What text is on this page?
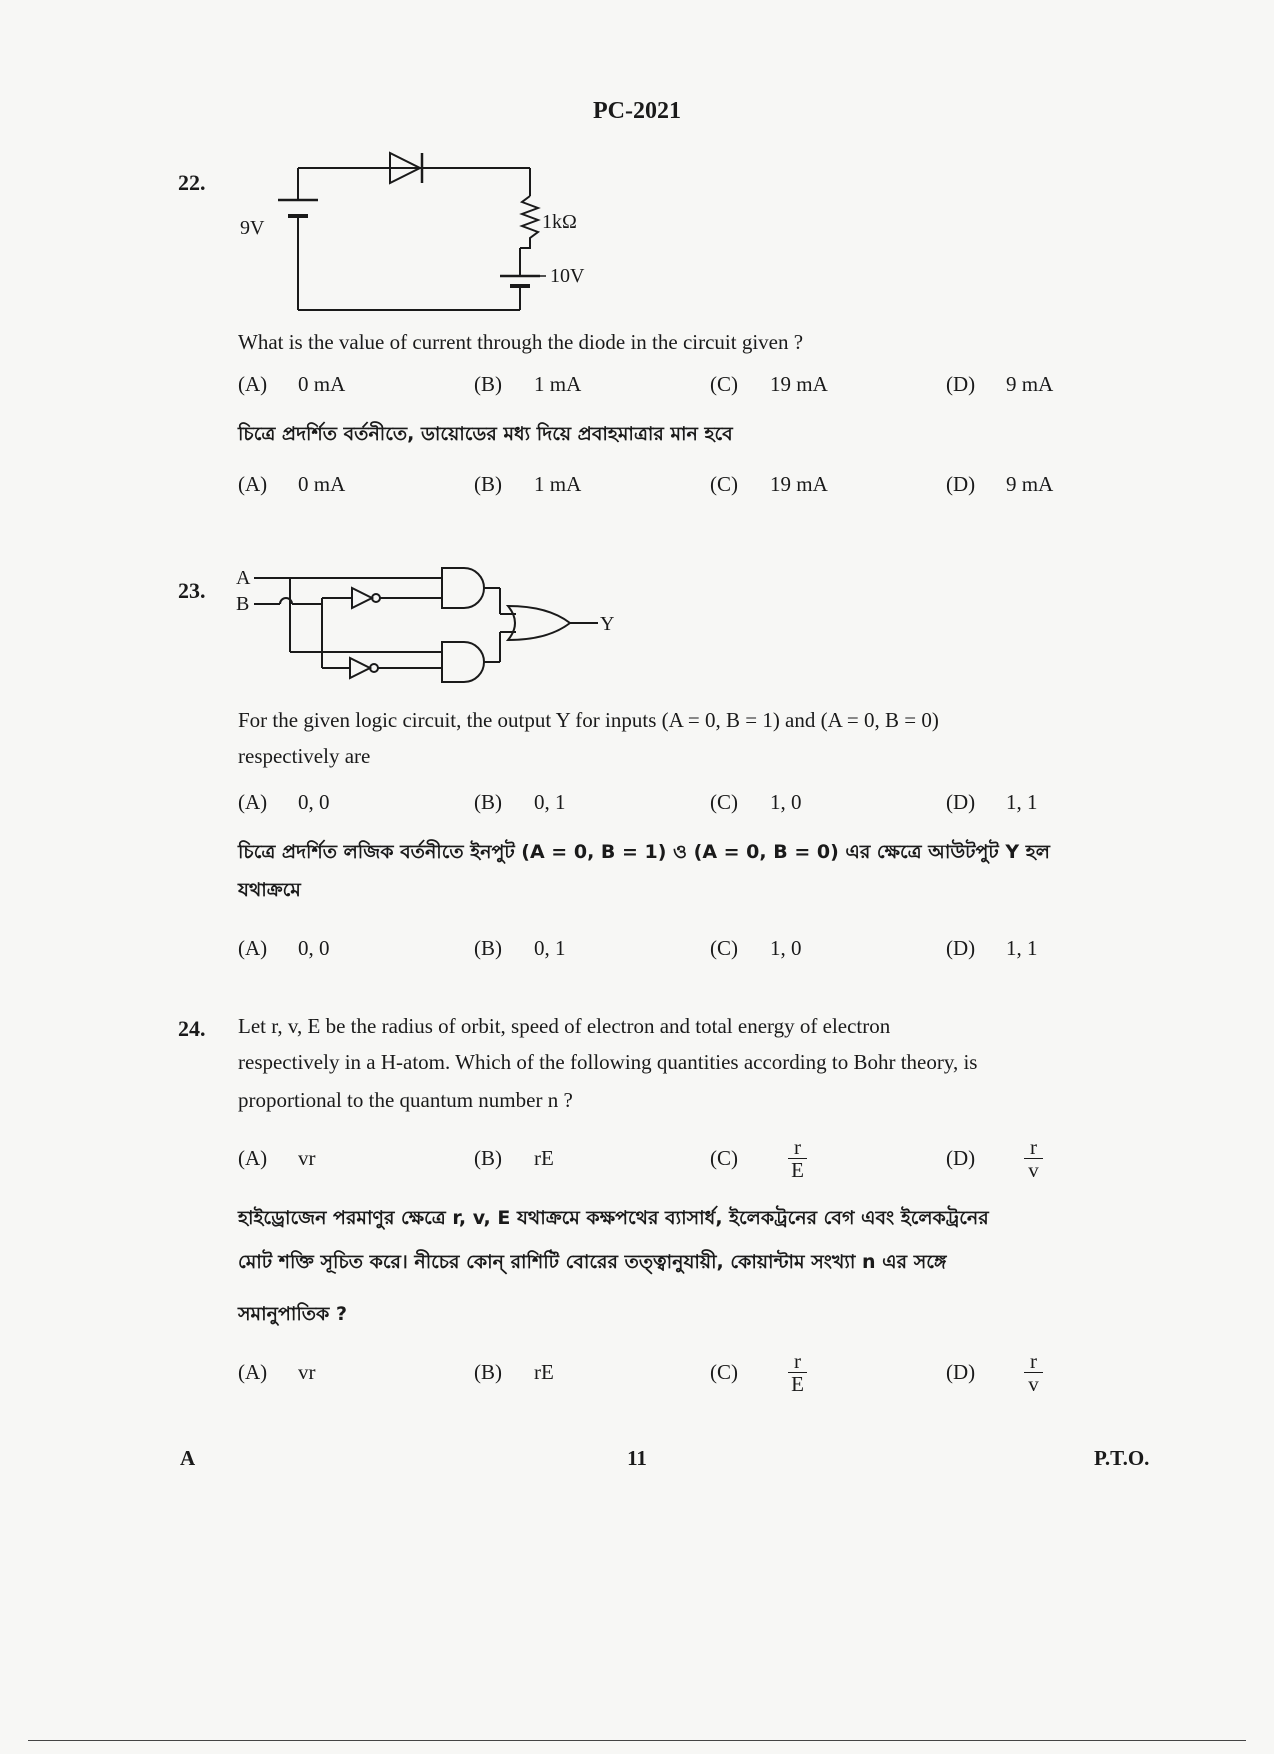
PC-2021
22.
9V	1kΩ
10V
What is the value of current through the diode in the circuit given ?
(A)	0 mA	(B)	1 mA	(C)	19 mA	(D)	9 mA
চিত্রে প্রদর্শিত বর্তনীতে, ডায়োডের মধ্য দিয়ে প্রবাহমাত্রার মান হবে
(A)	0 mA	(B)	1 mA	(C)	19 mA	(D)	9 mA
23. A
B
Y
For the given logic circuit, the output Y for inputs (A = 0, B = 1) and (A = 0, B = 0)
respectively are
(A)	0, 0	(B)	0, 1	(C)	1, 0	(D)	1, 1
চিত্রে প্রদর্শিত লজিক বর্তনীতে ইনপুট (A = 0, B = 1) ও (A = 0, B = 0) এর ক্ষেত্রে আউটপুট Y হল
যথাক্রমে
(A)	0, 0	(B)	0, 1	(C)	1, 0	(D)	1, 1
24. Let r, v, E be the radius of orbit, speed of electron and total energy of electron
respectively in a H-atom. Which of the following quantities according to Bohr theory, is
proportional to the quantum number n ?
(A)	vr	(B)	rE	(C)	$\frac{r}{E}$	(D)	$\frac{r}{v}$
হাইড্রোজেন পরমাণুর ক্ষেত্রে r, v, E যথাক্রমে কক্ষপথের ব্যাসার্ধ, ইলেকট্রনের বেগ এবং ইলেকট্রনের
মোট শক্তি সূচিত করে। নীচের কোন্ রাশিটি বোরের তত্ত্বানুযায়ী, কোয়ান্টাম সংখ্যা n এর সঙ্গে
সমানুপাতিক ?
(A)	vr	(B)	rE	(C)	$\frac{r}{E}$	(D)	$\frac{r}{v}$
A	11	P.T.O.
